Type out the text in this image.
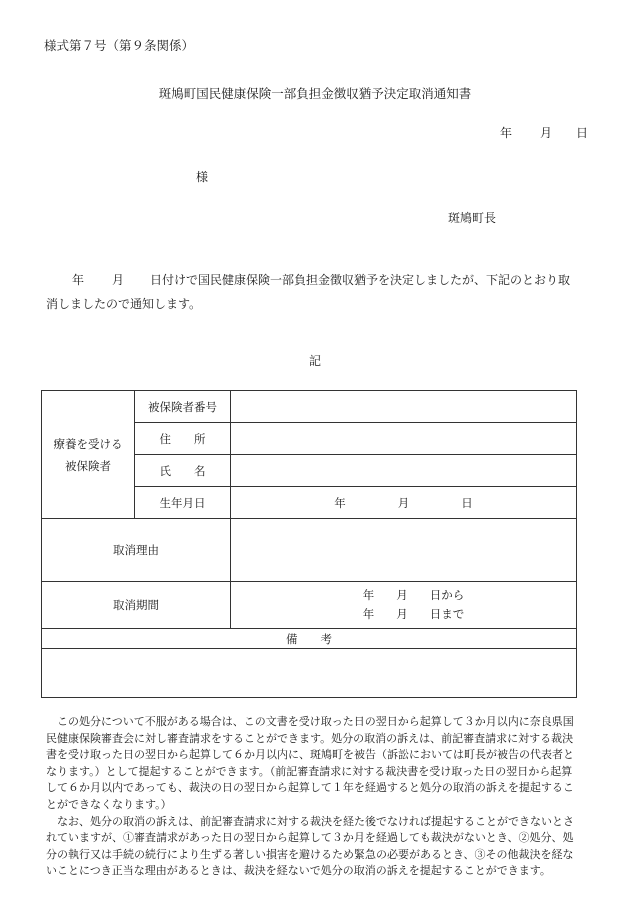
様式第７号（第９条関係）
斑鳩町国民健康保険一部負担金徴収猶予決定取消通知書
年 月 日
様
斑鳩町長
年 月 日付けで国民健康保険一部負担金徴収猶予を決定しましたが、下記のとおり取消しましたので通知します。
記
療養を受ける
被保険者	被保険者番号	
	住　　所	
	氏　　名	
	生年月日	年 月 日
取消理由		
取消期間		年 月 日から
年 月 日まで

備　　考		

この処分について不服がある場合は、この文書を受け取った日の翌日から起算して３か月以内に奈良県国民健康保険審査会に対し審査請求をすることができます。処分の取消の訴えは、前記審査請求に対する裁決書を受け取った日の翌日から起算して６か月以内に、斑鳩町を被告（訴訟においては町長が被告の代表者となります。）として提起することができます。（前記審査請求に対する裁決書を受け取った日の翌日から起算して６か月以内であっても、裁決の日の翌日から起算して１年を経過すると処分の取消の訴えを提起することができなくなります。）

なお、処分の取消の訴えは、前記審査請求に対する裁決を経た後でなければ提起することができないとされていますが、①審査請求があった日の翌日から起算して３か月を経過しても裁決がないとき、②処分、処分の執行又は手続の続行により生ずる著しい損害を避けるため緊急の必要があるとき、③その他裁決を経ないことにつき正当な理由があるときは、裁決を経ないで処分の取消の訴えを提起することができます。
